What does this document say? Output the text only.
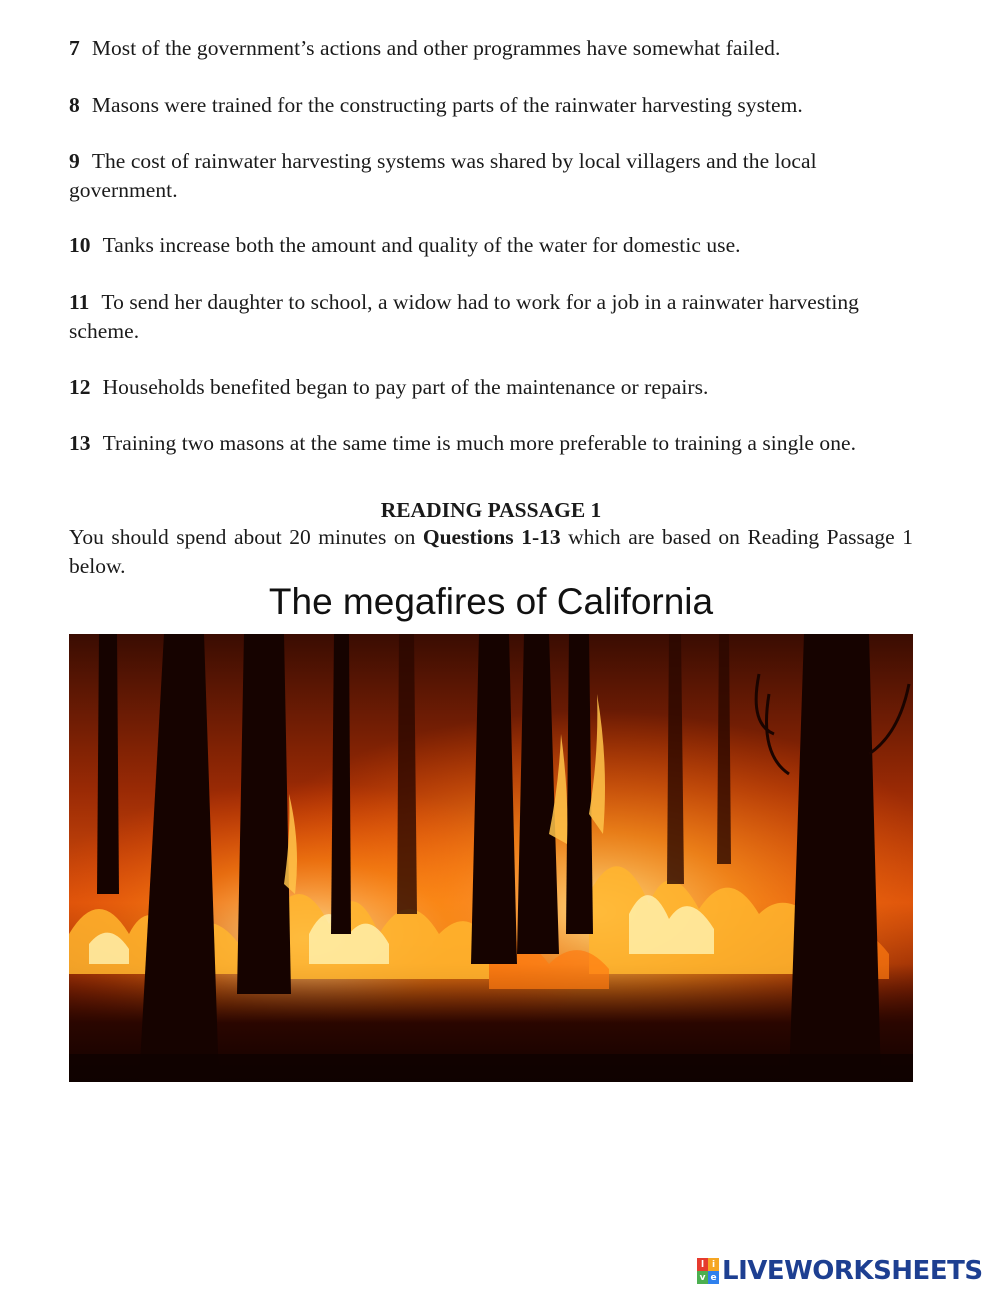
7 Most of the government’s actions and other programmes have somewhat failed.
8 Masons were trained for the constructing parts of the rainwater harvesting system.
9 The cost of rainwater harvesting systems was shared by local villagers and the local government.
10 Tanks increase both the amount and quality of the water for domestic use.
11 To send her daughter to school, a widow had to work for a job in a rainwater harvesting scheme.
12 Households benefited began to pay part of the maintenance or repairs.
13 Training two masons at the same time is much more preferable to training a single one.
READING PASSAGE 1
You should spend about 20 minutes on Questions 1-13 which are based on Reading Passage 1 below.
The megafires of California
l i
v e LIVEWORKSHEETS
